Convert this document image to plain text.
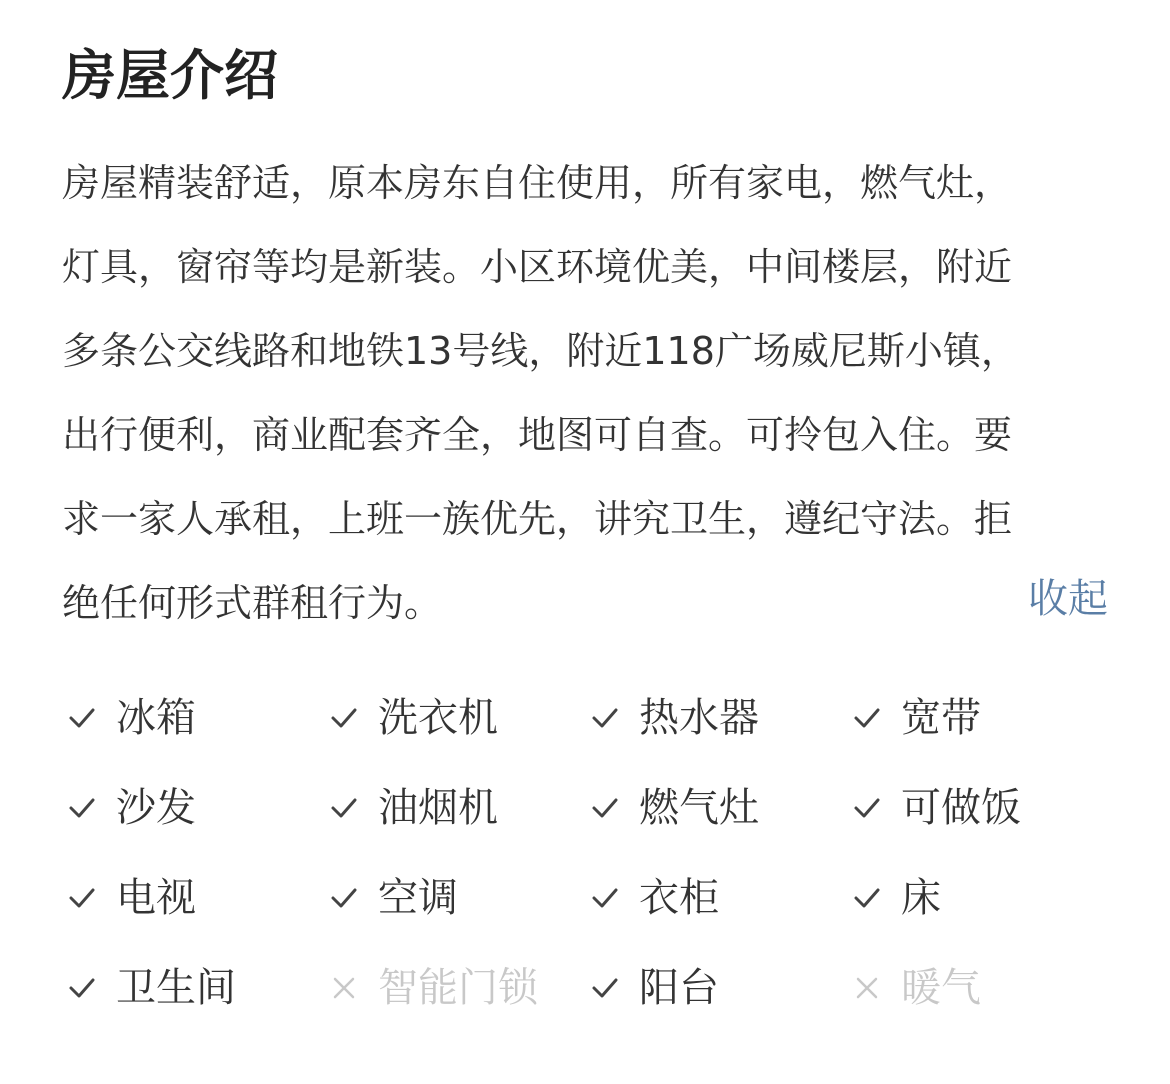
房屋介绍
房屋精装舒适，原本房东自住使用，所有家电，燃气灶，
灯具，窗帘等均是新装。小区环境优美，中间楼层，附近
多条公交线路和地铁13号线，附近118广场威尼斯小镇，
出行便利，商业配套齐全，地图可自查。可拎包入住。要
求一家人承租，上班一族优先，讲究卫生，遵纪守法。拒
绝任何形式群租行为。	收起
冰箱	洗衣机	热水器	宽带
沙发	油烟机	燃气灶	可做饭
电视	空调	衣柜	床
卫生间	智能门锁	阳台	暖气
